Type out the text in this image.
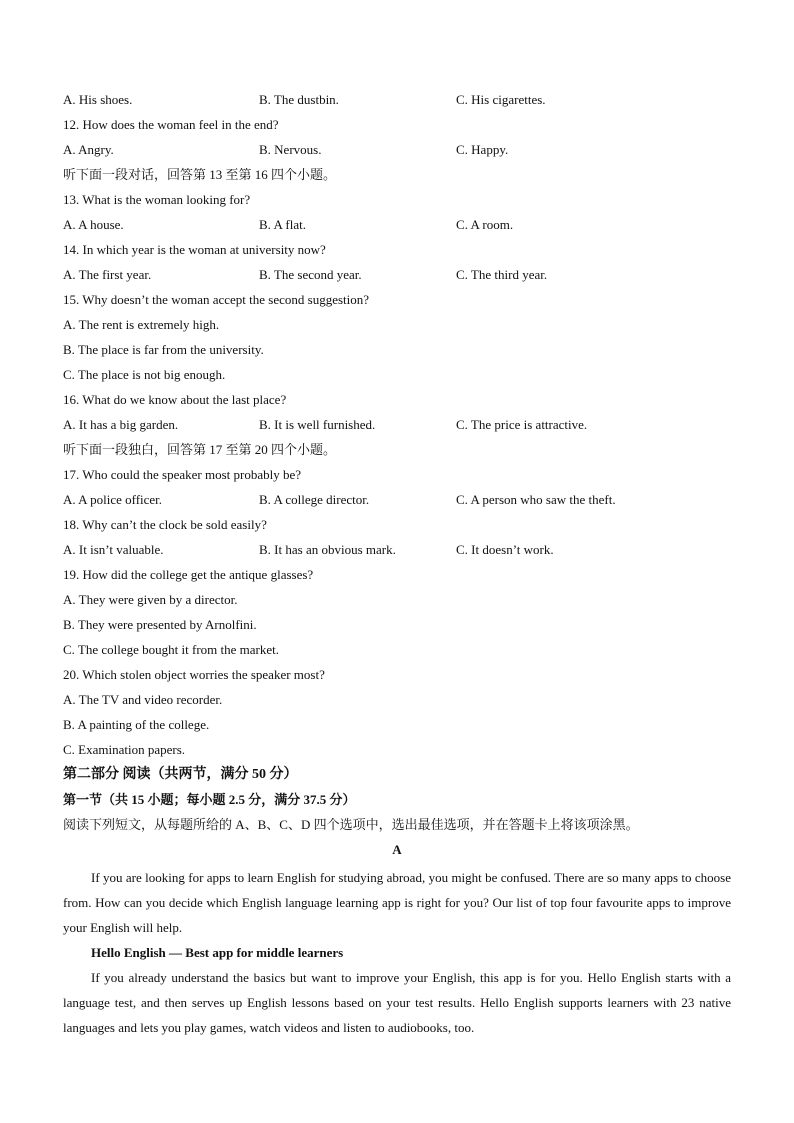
A. His shoes.	B. The dustbin.	C. His cigarettes.
12. How does the woman feel in the end?
A. Angry.	B. Nervous.	C. Happy.
听下面一段对话，回答第 13 至第 16 四个小题。
13. What is the woman looking for?
A. A house.	B. A flat.	C. A room.
14. In which year is the woman at university now?
A. The first year.	B. The second year.	C. The third year.
15. Why doesn’t the woman accept the second suggestion?
A. The rent is extremely high.
B. The place is far from the university.
C. The place is not big enough.
16. What do we know about the last place?
A. It has a big garden.	B. It is well furnished.	C. The price is attractive.
听下面一段独白，回答第 17 至第 20 四个小题。
17. Who could the speaker most probably be?
A. A police officer.	B. A college director.	C. A person who saw the theft.
18. Why can’t the clock be sold easily?
A. It isn’t valuable.	B. It has an obvious mark.	C. It doesn’t work.
19. How did the college get the antique glasses?
A. They were given by a director.
B. They were presented by Arnolfini.
C. The college bought it from the market.
20. Which stolen object worries the speaker most?
A. The TV and video recorder.
B. A painting of the college.
C. Examination papers.
第二部分 阅读（共两节，满分 50 分）
第一节（共 15 小题；每小题 2.5 分，满分 37.5 分）
阅读下列短文，从每题所给的 A、B、C、D 四个选项中，选出最佳选项，并在答题卡上将该项涂黑。
A

If you are looking for apps to learn English for studying abroad, you might be confused. There are so many apps to choose from. How can you decide which English language learning app is right for you? Our list of top four favourite apps to improve your English will help.

Hello English — Best app for middle learners

If you already understand the basics but want to improve your English, this app is for you. Hello English starts with a language test, and then serves up English lessons based on your test results. Hello English supports learners with 23 native languages and lets you play games, watch videos and listen to audiobooks, too.
